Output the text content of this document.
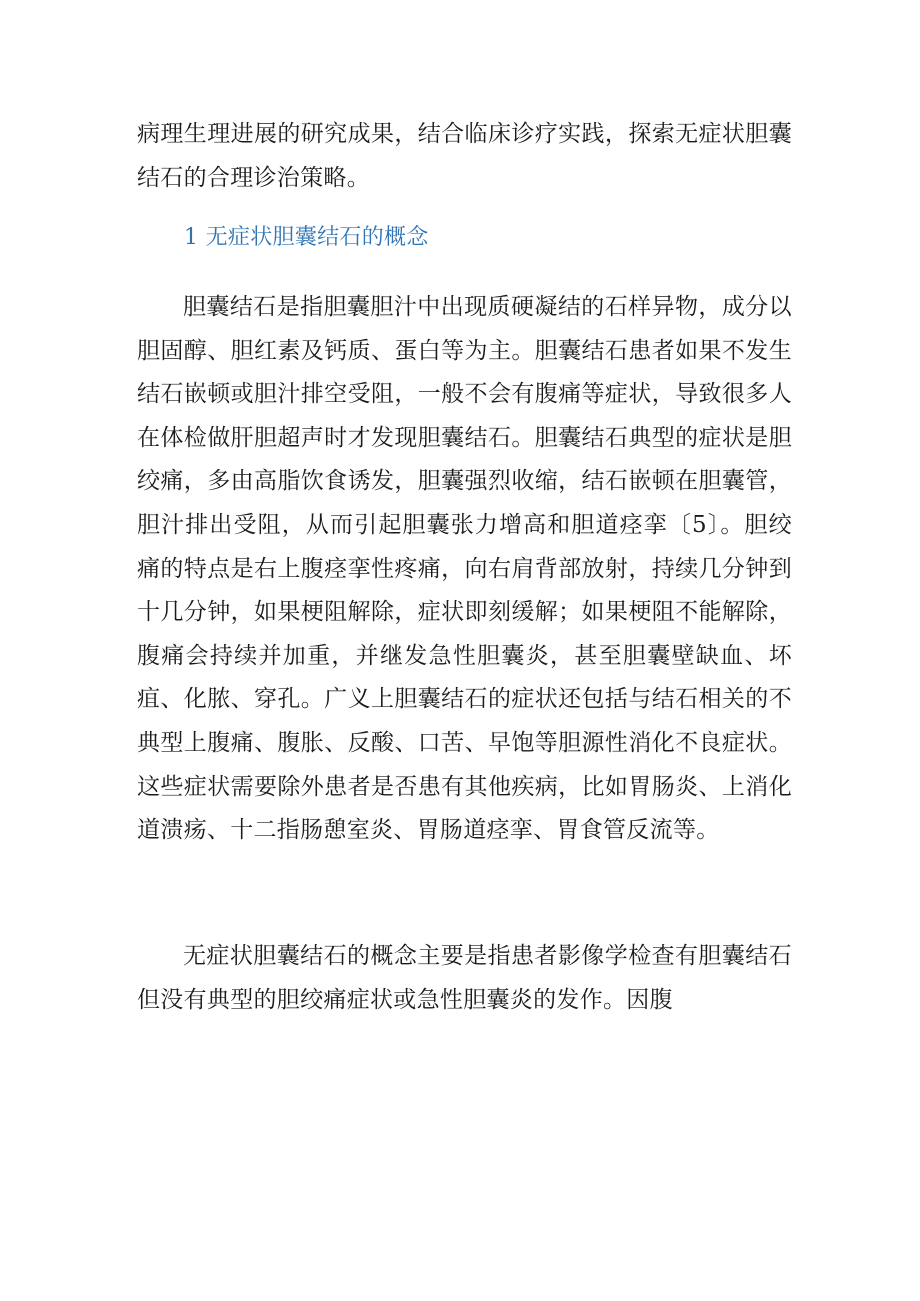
病理生理进展的研究成果，结合临床诊疗实践，探索无症状胆囊结石的合理诊治策略。

1 无症状胆囊结石的概念

胆囊结石是指胆囊胆汁中出现质硬凝结的石样异物，成分以胆固醇、胆红素及钙质、蛋白等为主。胆囊结石患者如果不发生结石嵌顿或胆汁排空受阻，一般不会有腹痛等症状，导致很多人在体检做肝胆超声时才发现胆囊结石。胆囊结石典型的症状是胆绞痛，多由高脂饮食诱发，胆囊强烈收缩，结石嵌顿在胆囊管，胆汁排出受阻，从而引起胆囊张力增高和胆道痉挛〔5〕。胆绞痛的特点是右上腹痉挛性疼痛，向右肩背部放射，持续几分钟到十几分钟，如果梗阻解除，症状即刻缓解；如果梗阻不能解除，腹痛会持续并加重，并继发急性胆囊炎，甚至胆囊壁缺血、坏疽、化脓、穿孔。广义上胆囊结石的症状还包括与结石相关的不典型上腹痛、腹胀、反酸、口苦、早饱等胆源性消化不良症状。这些症状需要除外患者是否患有其他疾病，比如胃肠炎、上消化道溃疡、十二指肠憩室炎、胃肠道痉挛、胃食管反流等。

无症状胆囊结石的概念主要是指患者影像学检查有胆囊结石但没有典型的胆绞痛症状或急性胆囊炎的发作。因腹
